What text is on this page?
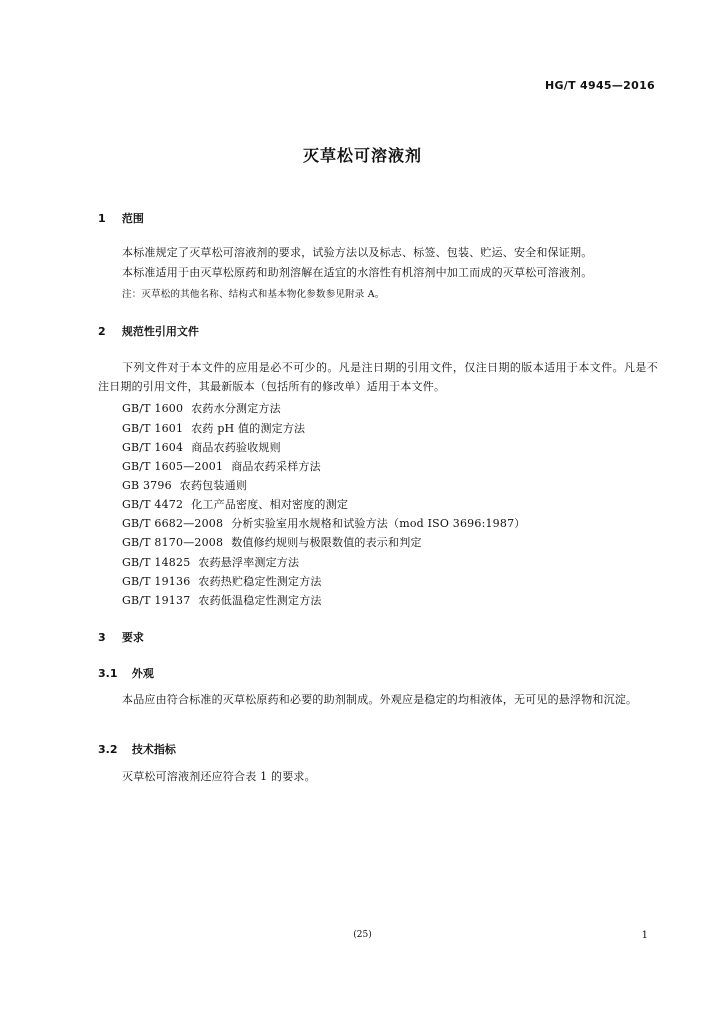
HG/T 4945—2016
灭草松可溶液剂
1 范围
本标准规定了灭草松可溶液剂的要求，试验方法以及标志、标签、包装、贮运、安全和保证期。
本标准适用于由灭草松原药和助剂溶解在适宜的水溶性有机溶剂中加工而成的灭草松可溶液剂。
注：灭草松的其他名称、结构式和基本物化参数参见附录 A。
2 规范性引用文件
下列文件对于本文件的应用是必不可少的。凡是注日期的引用文件，仅注日期的版本适用于本文件。凡是不注日期的引用文件，其最新版本（包括所有的修改单）适用于本文件。
GB/T 1600 农药水分测定方法
GB/T 1601 农药 pH 值的测定方法
GB/T 1604 商品农药验收规则
GB/T 1605—2001 商品农药采样方法
GB 3796 农药包装通则
GB/T 4472 化工产品密度、相对密度的测定
GB/T 6682—2008 分析实验室用水规格和试验方法（mod ISO 3696:1987）
GB/T 8170—2008 数值修约规则与极限数值的表示和判定
GB/T 14825 农药悬浮率测定方法
GB/T 19136 农药热贮稳定性测定方法
GB/T 19137 农药低温稳定性测定方法
3 要求
3.1 外观
本品应由符合标准的灭草松原药和必要的助剂制成。外观应是稳定的均相液体，无可见的悬浮物和沉淀。
3.2 技术指标
灭草松可溶液剂还应符合表 1 的要求。
(25)	1
